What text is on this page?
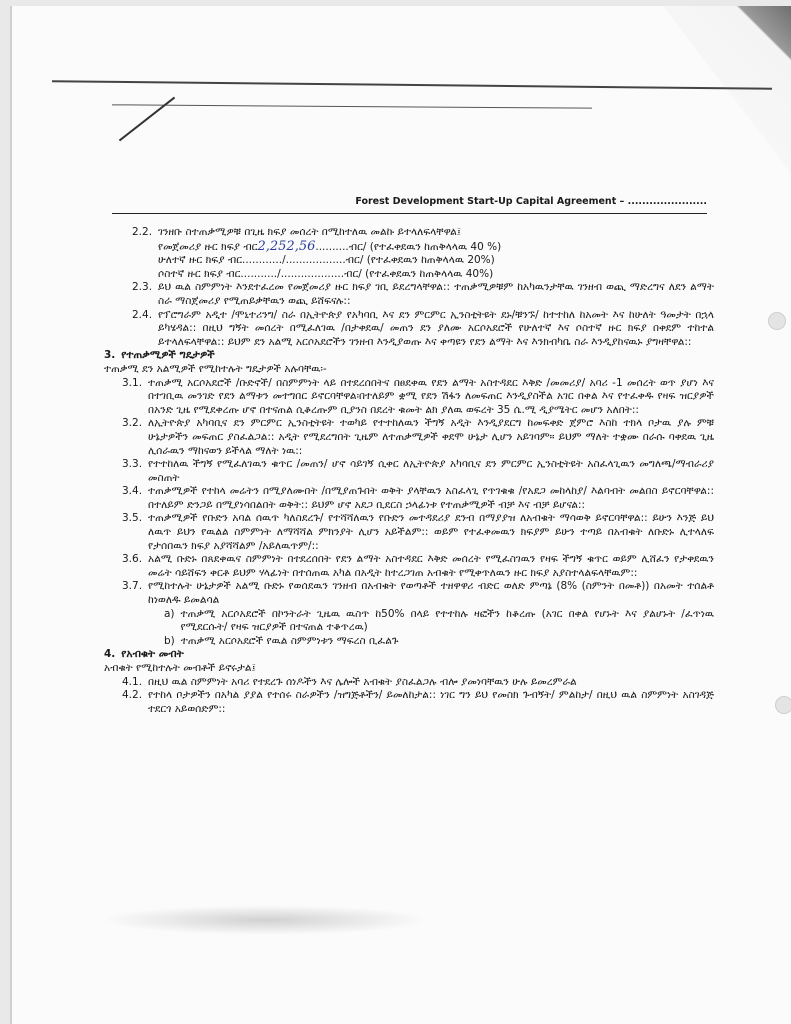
Forest Development Start-Up Capital Agreement – ......................
2.2. ገንዘቡ ስተጠቃሚዎቹ በጊዜ ክፍያ መሰረት በሚከተለዉ መልኩ ይተላለፍላቸዋል፤

የመጀመሪያ ዙር ክፍያ ብር2,252,56..........ብር/ (የተፈቀደዉን ከጠቅላላዉ 40 %)

ሁለተኛ ዙር ክፍያ ብር............/..................ብር/ (የተፈቀደዉን ከጠቅላላዉ 20%)

ሶስተኛ ዙር ክፍያ ብር.........../...................ብር/ (የተፈቀደዉን ከጠቅላላዉ 40%)

2.3. ይህ ዉል ስምምነት እንደተፈረመ የመጀመሪያ ዙር ክፍያ ገቢ ይደረግላቸዋል:: ተጠቃሚዎቹም ከአካዉንታቸዉ ገንዘብ ወጪ ማድረግና ለደን ልማት ስራ ማስጀመሪያ የሚጠይቃቸዉን ወጪ ይሸፍናሉ::

2.4. የፕሮግራም አዲተ /ሞኒተሪንግ/ ስራ በኢትዮጵያ የአካባቢ እና ደን ምርምር ኢንስቲትዩት ደኑ/ቹንኙ/ ከተተከለ ከአመት እና ከሁለት ዓመታት በኋላ ይካሄዳል:: በዚህ ግኝት መሰረት በሚፈለገዉ /በታቀደዉ/ መጠን ደን ያለሙ አርሶአደሮች የሁለተኛ እና ሶስተኛ ዙር ክፍያ በቀደም ተከተል ይተላለፍላቸዋል:: ይህም ደን አልሚ አርሶአደሮችን ገንዘብ እንዲያወጡ እና ቀጣዩን የደን ልማት እና እንክብካቤ ስራ እንዲያከናዉኑ ያግዛቸዋል::

3. የተጠቃሚዎች ግዴታዎች

ተጠቃሚ ደን አልሚዎች የሚከተሉት ግዴታዎች አሉባቸዉ፡-

3.1. ተጠቃሚ አርሶአደሮች /ቡድኖች/ በስምምነት ላይ በተደረሰበትና በፀደቀዉ የደን ልማት አስተዳደር እቅድ /መመሪያ/ አባሪ -1 መሰረት ወጥ ያሆነ እና በተገቢዉ መንገድ የደን ልማቱን መተግበር ይኖርባቸዋል፡በተለይም ቋሚ የደን ሽፋን ለመፍጠር እንዲያስችል አገር በቀል እና የተፈቀዱ የዛፍ ዝርያዎች በአንድ ጊዜ የሚደቀረጡ ሆኖ በተናጠል ሲቆረጡም ቢያንስ በደረት ቁመት ልክ ያለዉ ወፍረት 35 ሴ.ሚ ዲያሜትር መሆን አለበት::

3.2. ለኢትዮጵያ አካባቢና ደን ምርምር ኢንስቲትዩት ተወካይ የተተከለዉን ችግኝ አዲት እንዲያደርግ ከመፍቀድ ጀምሮ እስከ ተክላ ቦታዉ ያሉ ምቹ ሁኔታዎችን መፍጠር ያስፈልጋል:: አዲት የሚደረግበት ጊዜም ለተጠቃሚዎች ቀደሞ ሁኔታ ሊሆን አይገባም። ይህም ማለት ተቋሙ በራሱ ባቀደዉ ጊዜ ሊሰራዉን ማከናወን ይችላል ማለት ነዉ::

3.3. የተተከለዉ ችግኝ የሚፈለገዉን ቁጥር /መጠን/ ሆኖ ሳይገኝ ሲቀር ለኢትዮጵያ አካባቢና ደን ምርምር ኢንስቲትዩት አስፈላጊዉን መግለጫ/ማብራሪያ መስጠት

3.4. ተጠቃሚዎች የተከላ መሬትን በሚያለሙበት /በሚያጠጉበት ወቅት ያላቸዉን አስፈላጊ የጥገቁቁ /የአደጋ መከላከያ/ እልባብት መልበስ ይኖርባቸዋል:: በተለይም ድንጋይ በሚያነሳበልበት ወቅት:: ይህም ሆኖ አደጋ ቢደርስ ኃላፊነቱ የተጠቃሚዎች ብቻ እና ብቻ ይሆናል::

3.5. ተጠቃሚዎች የቡድን አባል ሰዉጥ ካለስደረጉ/ የተሻሻለዉን የቡድን መተዳደሪያ ደንብ በማያያዝ ለአብቁት ማሳወቅ ይኖርባቸዋል:: ይሁን እንጅ ይህ ለዉጥ ይህን የዉልል ስምምነት ለማሻሻል ምክንያት ሊሆን አይችልም:: ወይም የተፈቀመዉን ክፍያም ይሁን ተጣይ በአብቁት ለቡድኑ ሊተላለፍ የታሰበዉን ክፍያ አያሻሻልም /አይለዉጥም/::

3.6. አልሚ ቡድኑ በጸደቀዉና ስምምነት በተደረሰበት የደን ልማት አስተዳደር እቅድ መሰረት የሚፈስገዉን የዛፍ ችግኝ ቁጥር ወይም ሊሸፈን የታቀደዉን መሬት ሳይሸፍን ቀርቶ ይህም ሃላፊነት በተሰጠዉ አካል በአዲት ከተረጋገጠ አብቁት የሚቀጥለዉን ዙር ክፍያ አያስተላልፍላቸዉም::

3.7. የሚከተሉት ሁኔታዎች አልሚ ቡድኑ የወሰደዉን ገንዘብ በአብቁት የወጣቶች ተዘዋዋሪ ብድር ወለድ ምጣኔ (8% (ስምንት በመቶ)) በአመት ተሰልቶ ከነወለዱ ይመልሳል

a) ተጠቃሚ አርሶአደሮች በኮንትራት ጊዜዉ ዉስጥ ከ50% በላይ የተተከሉ ዛፎችን ከቆረጡ (አገር በቀል የሆኑት እና ያልሆኑት /ፈጥነዉ የሚደርሱት/ የዛፍ ዝርያዎች በተናጠል ተቆጥረዉ)

b) ተጠቃሚ አርሶአደሮች የዉል ስምምነቱን ማፍረስ ቢፈልጉ

4. የአብቁት መብት

አብቁት የሚከተሉት መብቶች ይኖሩታል፤

4.1. በዚህ ዉል ስምምነት አባሪ የተደረጉ ሰነዶችን እና ሌሎች አብቁት ያስፈልጋሉ ብሎ ያመነባቸዉን ሁሉ ይመረምራል

4.2. የተከላ ቦታዎችን በአካል ያያል የተሰሩ ስራዎችን /ዝግጅቶችን/ ይመለከታል:: ነገር ግን ይህ የመስክ ጉብኝት/ ምልከታ/ በዚህ ዉል ስምምነት አስገዳጅ ተደርጎ አይወሰድም::
